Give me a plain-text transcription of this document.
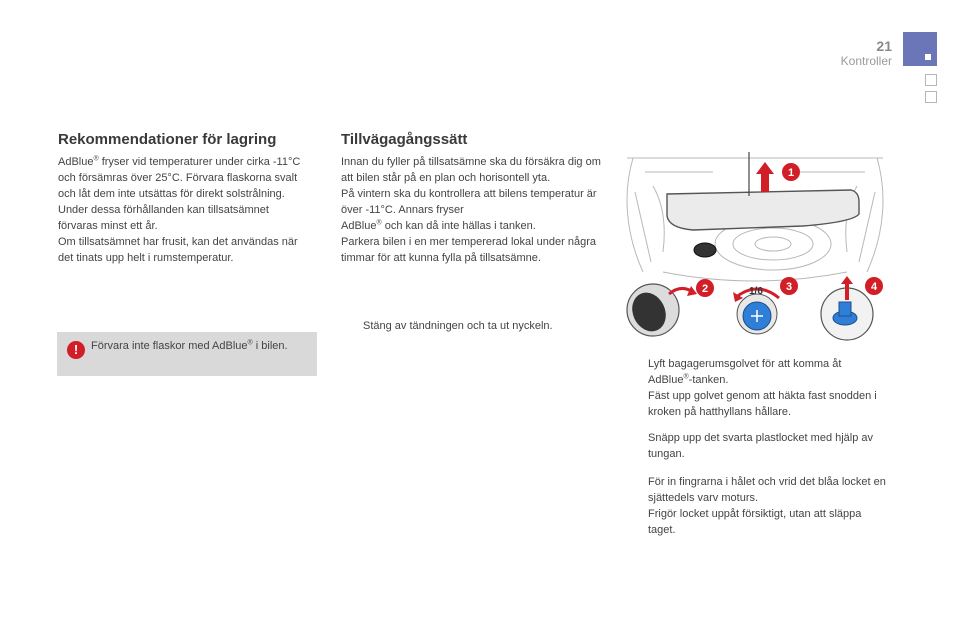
21
Kontroller
Rekommendationer för lagring

AdBlue® fryser vid temperaturer under cirka -11°C och försämras över 25°C. Förvara flaskorna svalt och låt dem inte utsättas för direkt solstrålning.

Under dessa förhållanden kan tillsatsämnet förvaras minst ett år.

Om tillsatsämnet har frusit, kan det användas när det tinats upp helt i rumstemperatur.

!	Förvara inte flaskor med AdBlue® i bilen.
Tillvägagångssätt

Innan du fyller på tillsatsämne ska du försäkra dig om att bilen står på en plan och horisontell yta.

På vintern ska du kontrollera att bilens temperatur är över -11°C. Annars fryser

AdBlue® och kan då inte hällas i tanken.

Parkera bilen i en mer tempererad lokal under några timmar för att kunna fylla på tillsatsämne.

Stäng av tändningen och ta ut nyckeln.
1
2	1/6 3	4
Lyft bagagerumsgolvet för att komma åt
AdBlue®-tanken.
Fäst upp golvet genom att häkta fast snodden i kroken på hatthyllans hållare.
Snäpp upp det svarta plastlocket med hjälp av tungan.
För in fingrarna i hålet och vrid det blåa locket en sjättedels varv moturs.
Frigör locket uppåt försiktigt, utan att släppa taget.
